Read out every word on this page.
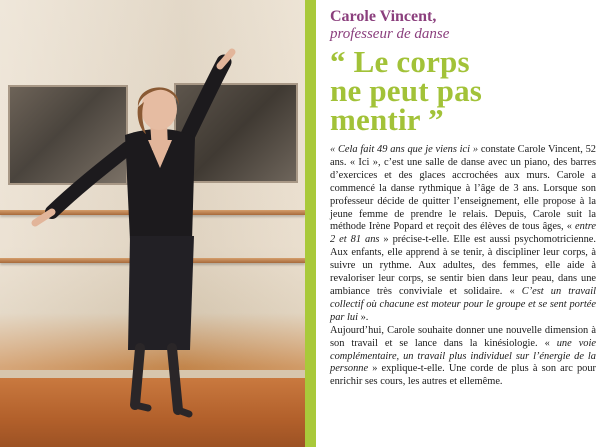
Carole Vincent,
professeur de danse
“ Le corps
ne peut pas
mentir ”

« Cela fait 49 ans que je viens ici » constate Carole Vincent, 52 ans. « Ici », c’est une salle de danse avec un piano, des barres d’exercices et des glaces accrochées aux murs. Carole a commencé la danse rythmique à l’âge de 3 ans. Lorsque son professeur décide de quitter l’enseignement, elle propose à la jeune femme de prendre le relais. Depuis, Carole suit la méthode Irène Popard et reçoit des élèves de tous âges, « entre 2 et 81 ans » précise-t-elle. Elle est aussi psychomotricienne. Aux enfants, elle apprend à se tenir, à discipliner leur corps, à suivre un rythme. Aux adultes, des femmes, elle aide à revaloriser leur corps, se sentir bien dans leur peau, dans une ambiance très conviviale et solidaire. « C’est un travail collectif où chacune est moteur pour le groupe et se sent portée par lui ».

Aujourd’hui, Carole souhaite donner une nouvelle dimension à son travail et se lance dans la kinésiologie. « une voie complémentaire, un travail plus individuel sur l’énergie de la personne » explique-t-elle. Une corde de plus à son arc pour enrichir ses cours, les autres et ellemême.
